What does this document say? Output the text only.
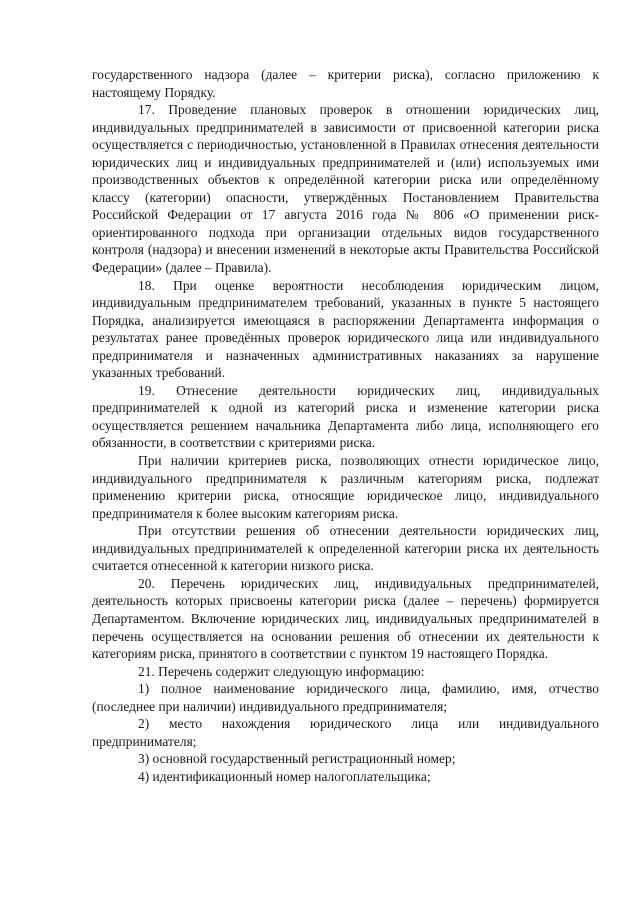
государственного надзора (далее – критерии риска), согласно приложению к настоящему Порядку.

17. Проведение плановых проверок в отношении юридических лиц, индивидуальных предпринимателей в зависимости от присвоенной категории риска осуществляется с периодичностью, установленной в Правилах отнесения деятельности юридических лиц и индивидуальных предпринимателей и (или) используемых ими производственных объектов к определённой категории риска или определённому классу (категории) опасности, утверждённых Постановлением Правительства Российской Федерации от 17 августа 2016 года № 806 «О применении риск-ориентированного подхода при организации отдельных видов государственного контроля (надзора) и внесении изменений в некоторые акты Правительства Российской Федерации» (далее – Правила).

18. При оценке вероятности несоблюдения юридическим лицом, индивидуальным предпринимателем требований, указанных в пункте 5 настоящего Порядка, анализируется имеющаяся в распоряжении Департамента информация о результатах ранее проведённых проверок юридического лица или индивидуального предпринимателя и назначенных административных наказаниях за нарушение указанных требований.

19. Отнесение деятельности юридических лиц, индивидуальных предпринимателей к одной из категорий риска и изменение категории риска осуществляется решением начальника Департамента либо лица, исполняющего его обязанности, в соответствии с критериями риска.

При наличии критериев риска, позволяющих отнести юридическое лицо, индивидуального предпринимателя к различным категориям риска, подлежат применению критерии риска, относящие юридическое лицо, индивидуального предпринимателя к более высоким категориям риска.

При отсутствии решения об отнесении деятельности юридических лиц, индивидуальных предпринимателей к определенной категории риска их деятельность считается отнесенной к категории низкого риска.

20. Перечень юридических лиц, индивидуальных предпринимателей, деятельность которых присвоены категории риска (далее – перечень) формируется Департаментом. Включение юридических лиц, индивидуальных предпринимателей в перечень осуществляется на основании решения об отнесении их деятельности к категориям риска, принятого в соответствии с пунктом 19 настоящего Порядка.

21. Перечень содержит следующую информацию:

1) полное наименование юридического лица, фамилию, имя, отчество (последнее при наличии) индивидуального предпринимателя;

2) место нахождения юридического лица или индивидуального предпринимателя;

3) основной государственный регистрационный номер;

4) идентификационный номер налогоплательщика;
